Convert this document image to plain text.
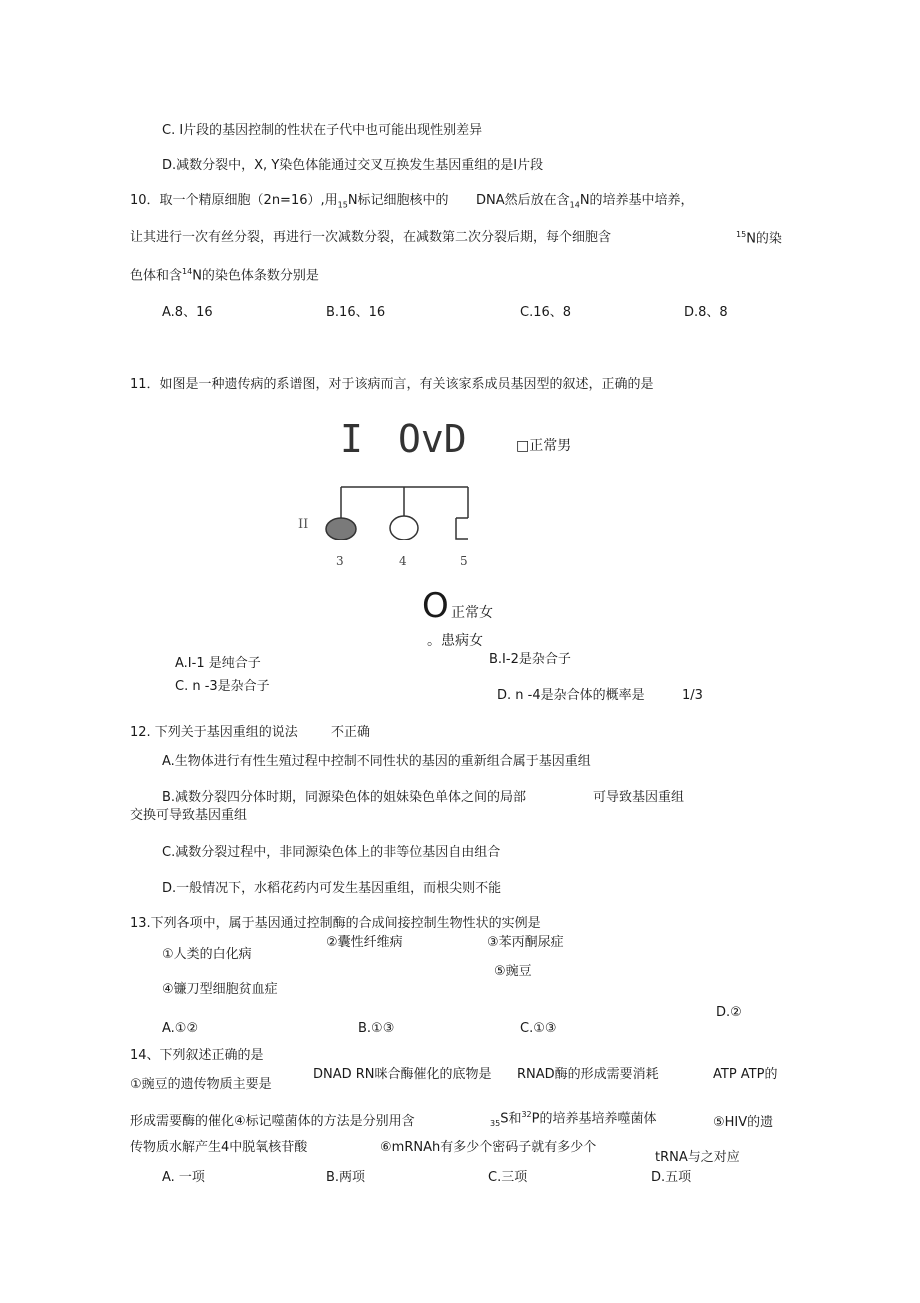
C. I片段的基因控制的性状在子代中也可能出现性别差异
D.减数分裂中，X, Y染色体能通过交叉互换发生基因重组的是I片段
10．取一个精原细胞（2n=16）,用$_{15}$N标记细胞核中的 DNA然后放在含$_{14}$N的培养基中培养，
让其进行一次有丝分裂，再进行一次减数分裂，在减数第二次分裂后期，每个细胞含	$^{15}$N的染
色体和含$^{14}$N的染色体条数分别是
A.8、16	B.16、16	C.16、8	D.8、8
11．如图是一种遗传病的系谱图，对于该病而言，有关该家系成员基因型的叙述，正确的是
I OvD	□正常男
II
3	4	5
O 正常女
。患病女
A.I-1 是纯合子	B.I-2是杂合子
C. n -3是杂合子
D. n -4是杂合体的概率是	1/3
12. 下列关于基因重组的说法	不正确
A.生物体进行有性生殖过程中控制不同性状的基因的重新组合属于基因重组
B.减数分裂四分体时期，同源染色体的姐妹染色单体之间的局部	可导致基因重组
交换可导致基因重组
C.减数分裂过程中，非同源染色体上的非等位基因自由组合
D.一般情况下，水稻花药内可发生基因重组，而根尖则不能
13.下列各项中，属于基因通过控制酶的合成间接控制生物性状的实例是
②囊性纤维病	③苯丙酮尿症
①人类的白化病
⑤豌豆
④镰刀型细胞贫血症
D.②
A.①②	B.①③	C.①③
14、下列叙述正确的是
DNAD RN咪合酶催化的底物是 RNAD酶的形成需要消耗	ATP ATP的
①豌豆的遗传物质主要是
形成需要酶的催化④标记噬菌体的方法是分别用含	$_{35}$S和$^{32}$P的培养基培养噬菌体	⑤HIV的遗
传物质水解产生4中脱氧核苷酸	⑥mRNAh有多少个密码子就有多少个
tRNA与之对应
A. 一项	B.两项	C.三项	D.五项
